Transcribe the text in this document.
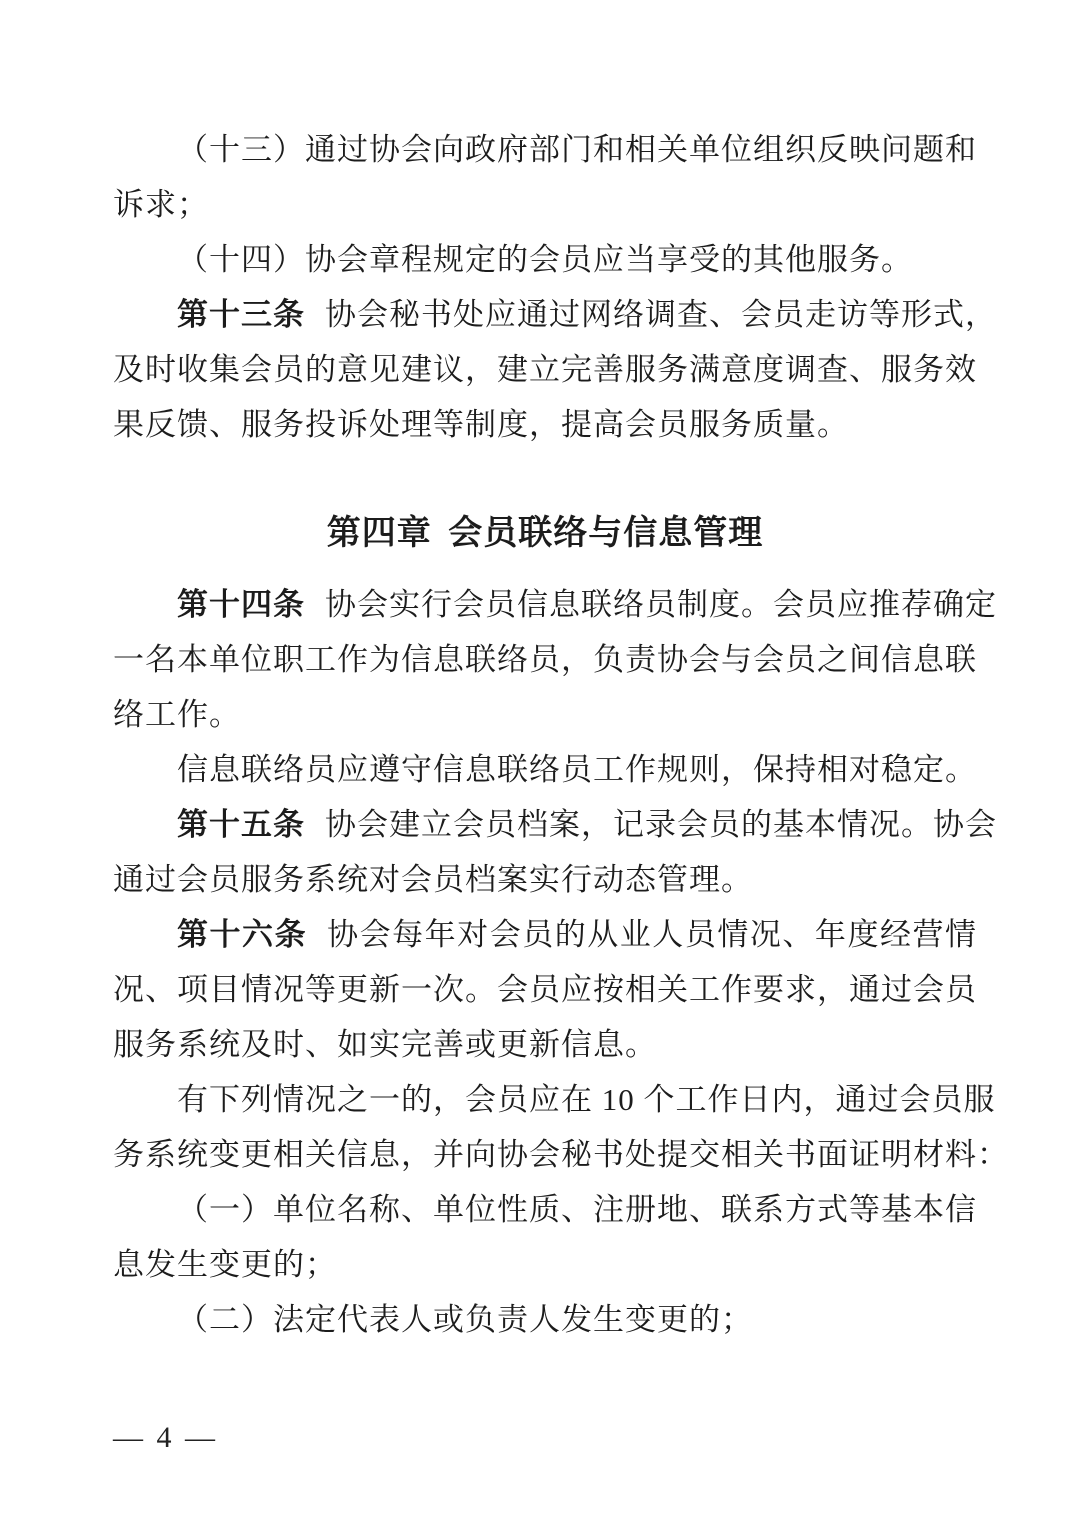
（十三）通过协会向政府部门和相关单位组织反映问题和
诉求；
（十四）协会章程规定的会员应当享受的其他服务。
第十三条 协会秘书处应通过网络调查、会员走访等形式，
及时收集会员的意见建议，建立完善服务满意度调查、服务效
果反馈、服务投诉处理等制度，提高会员服务质量。
第四章 会员联络与信息管理
第十四条 协会实行会员信息联络员制度。会员应推荐确定
一名本单位职工作为信息联络员，负责协会与会员之间信息联
络工作。
信息联络员应遵守信息联络员工作规则，保持相对稳定。
第十五条 协会建立会员档案，记录会员的基本情况。协会
通过会员服务系统对会员档案实行动态管理。
第十六条 协会每年对会员的从业人员情况、年度经营情
况、项目情况等更新一次。会员应按相关工作要求，通过会员
服务系统及时、如实完善或更新信息。
有下列情况之一的，会员应在 10 个工作日内，通过会员服
务系统变更相关信息，并向协会秘书处提交相关书面证明材料：
（一）单位名称、单位性质、注册地、联系方式等基本信
息发生变更的；
（二）法定代表人或负责人发生变更的；
— 4 —
